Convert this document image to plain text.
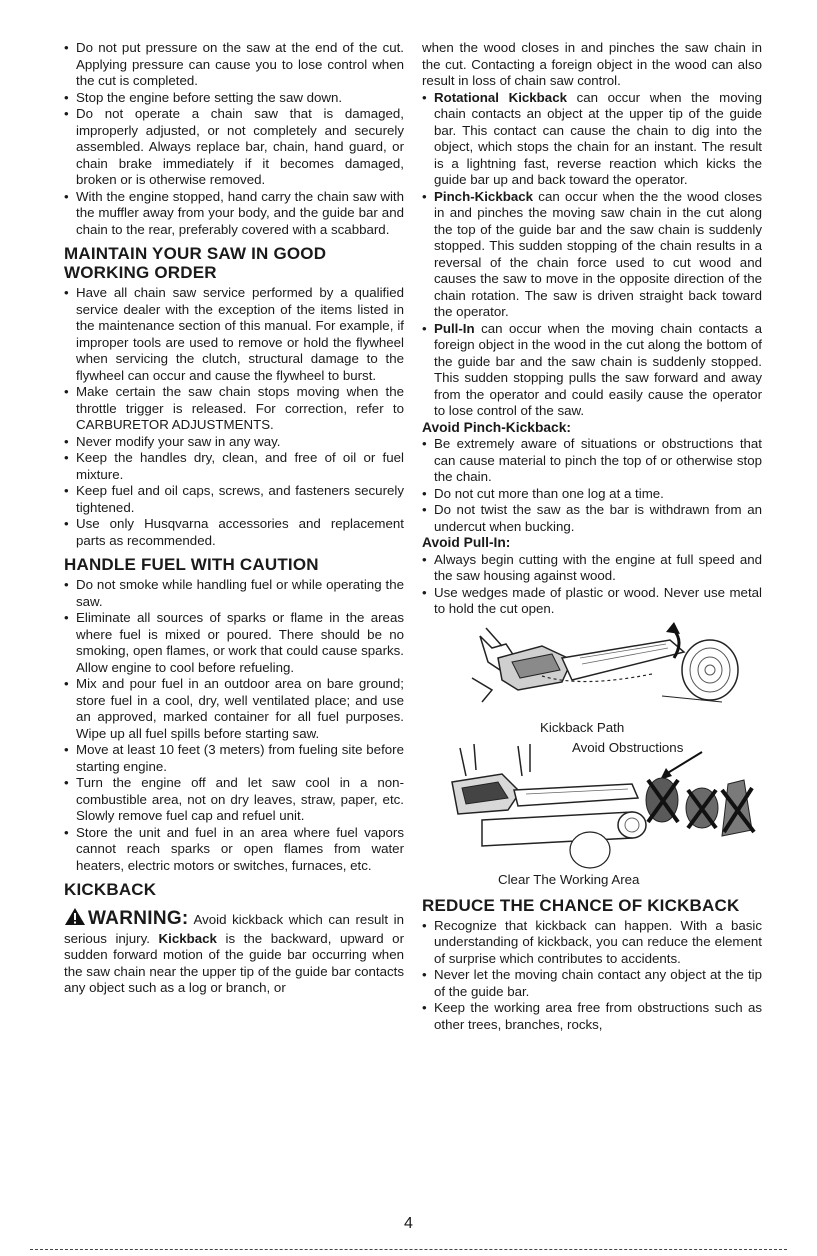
• Do not put pressure on the saw at the end of the cut. Applying pressure can cause you to lose control when the cut is completed.
• Stop the engine before setting the saw down.
• Do not operate a chain saw that is damaged, improperly adjusted, or not completely and securely assembled. Always replace bar, chain, hand guard, or chain brake immediately if it becomes damaged, broken or is otherwise removed.
• With the engine stopped, hand carry the chain saw with the muffler away from your body, and the guide bar and chain to the rear, preferably covered with a scabbard.
MAINTAIN YOUR SAW IN GOOD WORKING ORDER
• Have all chain saw service performed by a qualified service dealer with the exception of the items listed in the maintenance section of this manual. For example, if improper tools are used to remove or hold the flywheel when servicing the clutch, structural damage to the flywheel can occur and cause the flywheel to burst.
• Make certain the saw chain stops moving when the throttle trigger is released. For correction, refer to CARBURETOR ADJUSTMENTS.
• Never modify your saw in any way.
• Keep the handles dry, clean, and free of oil or fuel mixture.
• Keep fuel and oil caps, screws, and fasteners securely tightened.
• Use only Husqvarna accessories and replacement parts as recommended.
HANDLE FUEL WITH CAUTION
• Do not smoke while handling fuel or while operating the saw.
• Eliminate all sources of sparks or flame in the areas where fuel is mixed or poured. There should be no smoking, open flames, or work that could cause sparks. Allow engine to cool before refueling.
• Mix and pour fuel in an outdoor area on bare ground; store fuel in a cool, dry, well ventilated place; and use an approved, marked container for all fuel purposes. Wipe up all fuel spills before starting saw.
• Move at least 10 feet (3 meters) from fueling site before starting engine.
• Turn the engine off and let saw cool in a non-combustible area, not on dry leaves, straw, paper, etc. Slowly remove fuel cap and refuel unit.
• Store the unit and fuel in an area where fuel vapors cannot reach sparks or open flames from water heaters, electric motors or switches, furnaces, etc.
KICKBACK

WARNING: Avoid kickback which can result in serious injury. Kickback is the backward, upward or sudden forward motion of the guide bar occurring when the saw chain near the upper tip of the guide bar contacts any object such as a log or branch, or

when the wood closes in and pinches the saw chain in the cut. Contacting a foreign object in the wood can also result in loss of chain saw control.

• Rotational Kickback can occur when the moving chain contacts an object at the upper tip of the guide bar. This contact can cause the chain to dig into the object, which stops the chain for an instant. The result is a lightning fast, reverse reaction which kicks the guide bar up and back toward the operator.
• Pinch-Kickback can occur when the the wood closes in and pinches the moving saw chain in the cut along the top of the guide bar and the saw chain is suddenly stopped. This sudden stopping of the chain results in a reversal of the chain force used to cut wood and causes the saw to move in the opposite direction of the chain rotation. The saw is driven straight back toward the operator.
• Pull-In can occur when the moving chain contacts a foreign object in the wood in the cut along the bottom of the guide bar and the saw chain is suddenly stopped. This sudden stopping pulls the saw forward and away from the operator and could easily cause the operator to lose control of the saw.
Avoid Pinch-Kickback:
• Be extremely aware of situations or obstructions that can cause material to pinch the top of or otherwise stop the chain.
• Do not cut more than one log at a time.
• Do not twist the saw as the bar is withdrawn from an undercut when bucking.
Avoid Pull-In:
• Always begin cutting with the engine at full speed and the saw housing against wood.
• Use wedges made of plastic or wood. Never use metal to hold the cut open.
Kickback Path
Avoid Obstructions
Clear The Working Area
REDUCE THE CHANCE OF KICKBACK
• Recognize that kickback can happen. With a basic understanding of kickback, you can reduce the element of surprise which contributes to accidents.
• Never let the moving chain contact any object at the tip of the guide bar.
• Keep the working area free from obstructions such as other trees, branches, rocks,
4
